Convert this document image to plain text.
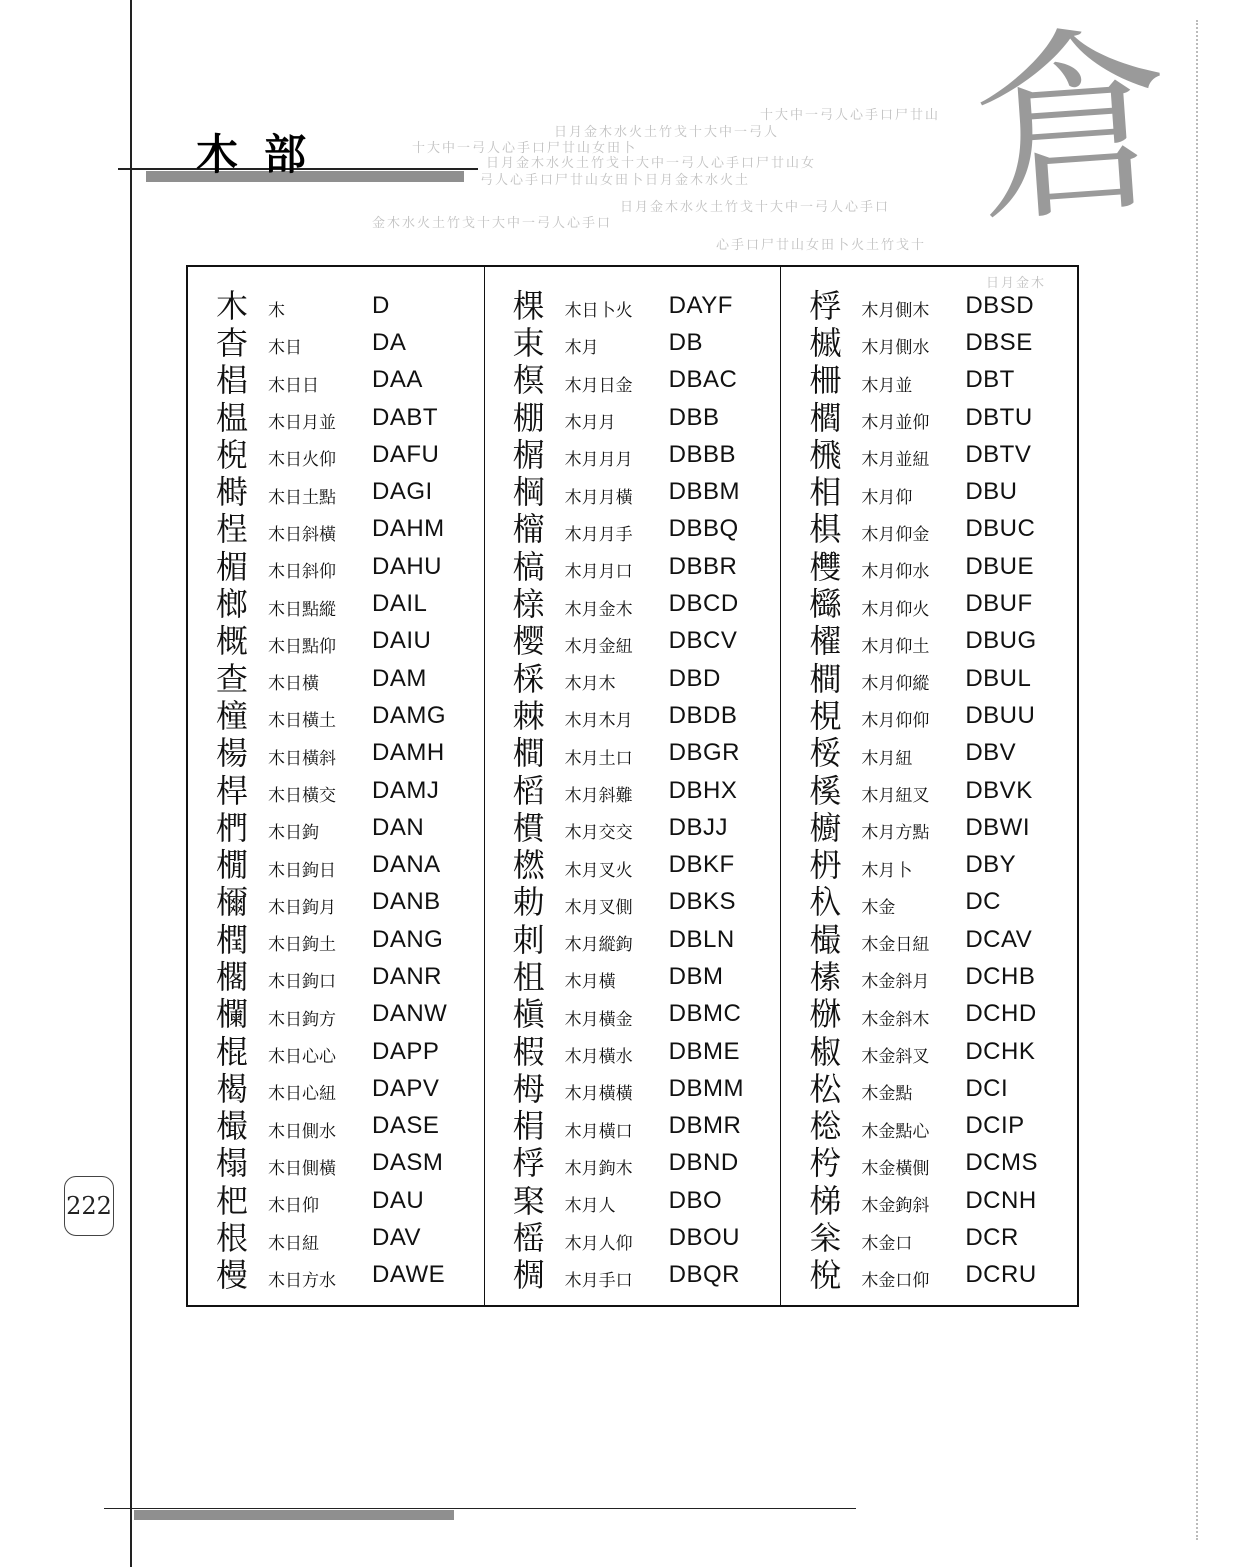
木部
十大中一弓人心手口尸廿山
日月金木水火土竹戈十大中一弓人
十大中一弓人心手口尸廿山女田卜
日月金木水火土竹戈十大中一弓人心手口尸廿山女
弓人心手口尸廿山女田卜日月金木水火土
日月金木水火土竹戈十大中一弓人心手口
金木水火土竹戈十大中一弓人心手口
心手口尸廿山女田卜火土竹戈十
日月金木
倉
木	木	D
杳	木日	DA
椙	木日日	DAA
榅	木日月並	DABT
棿	木日火仰	DAFU
榯	木日土點	DAGI
桯	木日斜橫	DAHM
楣	木日斜仰	DAHU
榔	木日點縱	DAIL
概	木日點仰	DAIU
查	木日橫	DAM
橦	木日橫土	DAMG
楊	木日橫斜	DAMH
桿	木日橫交	DAMJ
椚	木日鉤	DAN
橌	木日鉤日	DANA
檷	木日鉤月	DANB
橍	木日鉤土	DANG
櫊	木日鉤口	DANR
欄	木日鉤方	DANW
棍	木日心心	DAPP
楬	木日心紐	DAPV
樶	木日側水	DASE
榻	木日側橫	DASM
杷	木日仰	DAU
根	木日紐	DAV
槾	木日方水	DAWE
棵	木日卜火	DAYF
束	木月	DB
榠	木月日金	DBAC
棚	木月月	DBB
榍	木月月月	DBBB
棡	木月月橫	DBBM
橣	木月月手	DBBQ
槁	木月月口	DBBR
榇	木月金木	DBCD
樱	木月金紐	DBCV
棌	木月木	DBD
棘	木月木月	DBDB
橺	木月土口	DBGR
槄	木月斜難	DBHX
樌	木月交交	DBJJ
橪	木月叉火	DBKF
勅	木月叉側	DBKS
刺	木月縱鉤	DBLN
柤	木月橫	DBM
槇	木月橫金	DBMC
椵	木月橫水	DBME
栂	木月橫橫	DBMM
梋	木月橫口	DBMR
桴	木月鉤木	DBND
棸	木月人	DBO
榣	木月人仰	DBOU
椆	木月手口	DBQR
桴	木月側木	DBSD
槭	木月側水	DBSE
柵	木月並	DBT
櫩	木月並仰	DBTU
榌	木月並紐	DBTV
相	木月仰	DBU
椇	木月仰金	DBUC
欆	木月仰水	DBUE
櫾	木月仰火	DBUF
櫂	木月仰土	DBUG
橺	木月仰縱	DBUL
梘	木月仰仰	DBUU
桵	木月紐	DBV
榽	木月紐叉	DBVK
櫥	木月方點	DBWI
枬	木月卜	DBY
杁	木金	DC
樶	木金日紐	DCAV
榡	木金斜月	DCHB
椕	木金斜木	DCHD
椒	木金斜叉	DCHK
松	木金點	DCI
棇	木金點心	DCIP
枍	木金橫側	DCMS
梯	木金鉤斜	DCNH
枀	木金口	DCR
梲	木金口仰	DCRU
222
